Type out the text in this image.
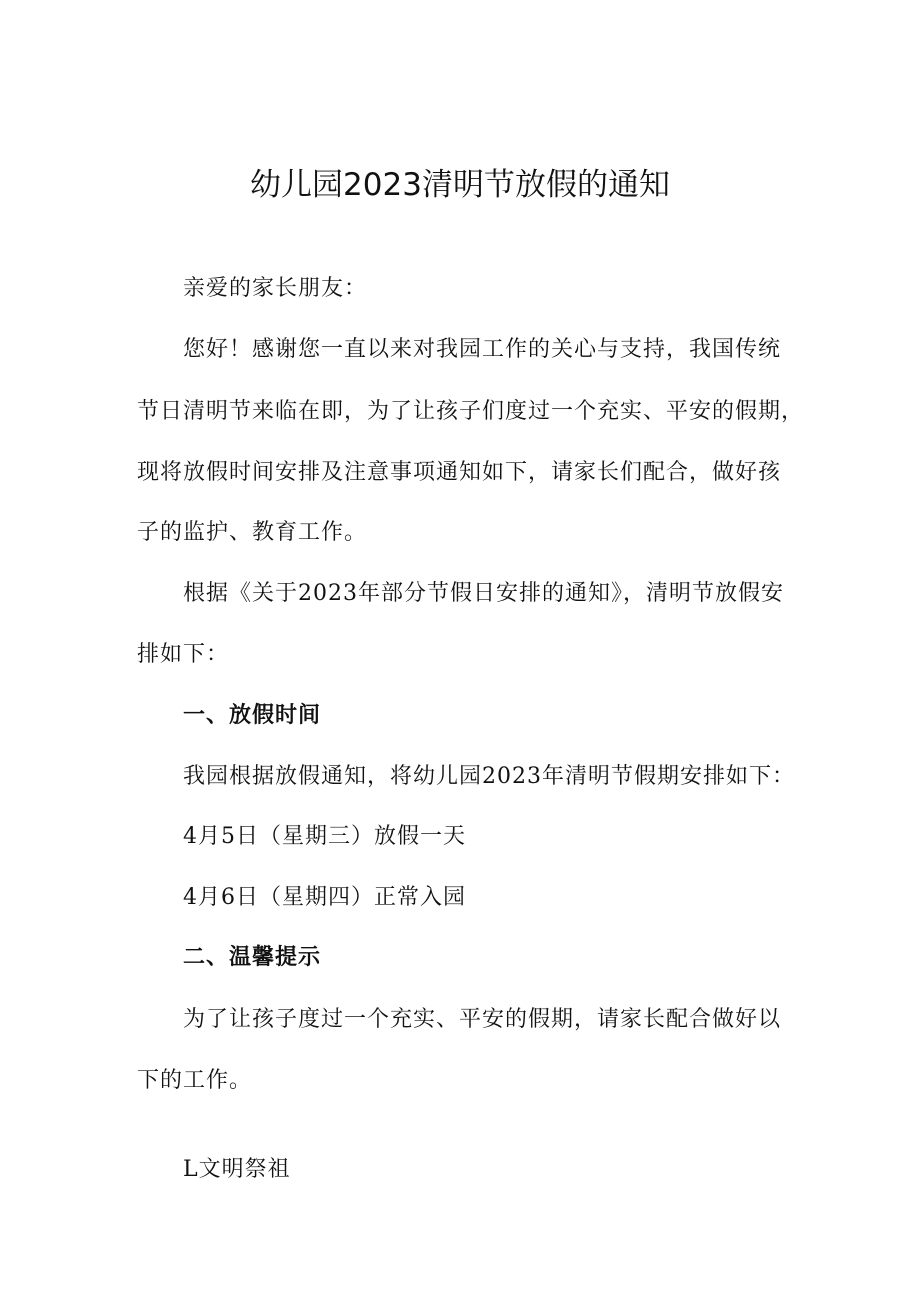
幼儿园2023清明节放假的通知

亲爱的家长朋友：

您好！感谢您一直以来对我园工作的关心与支持，我国传统

节日清明节来临在即，为了让孩子们度过一个充实、平安的假期，

现将放假时间安排及注意事项通知如下，请家长们配合，做好孩

子的监护、教育工作。

根据《关于2023年部分节假日安排的通知》，清明节放假安

排如下：

一、放假时间

我园根据放假通知，将幼儿园2023年清明节假期安排如下：

4月5日（星期三）放假一天

4月6日（星期四）正常入园

二、温馨提示

为了让孩子度过一个充实、平安的假期，请家长配合做好以

下的工作。

L文明祭祖
